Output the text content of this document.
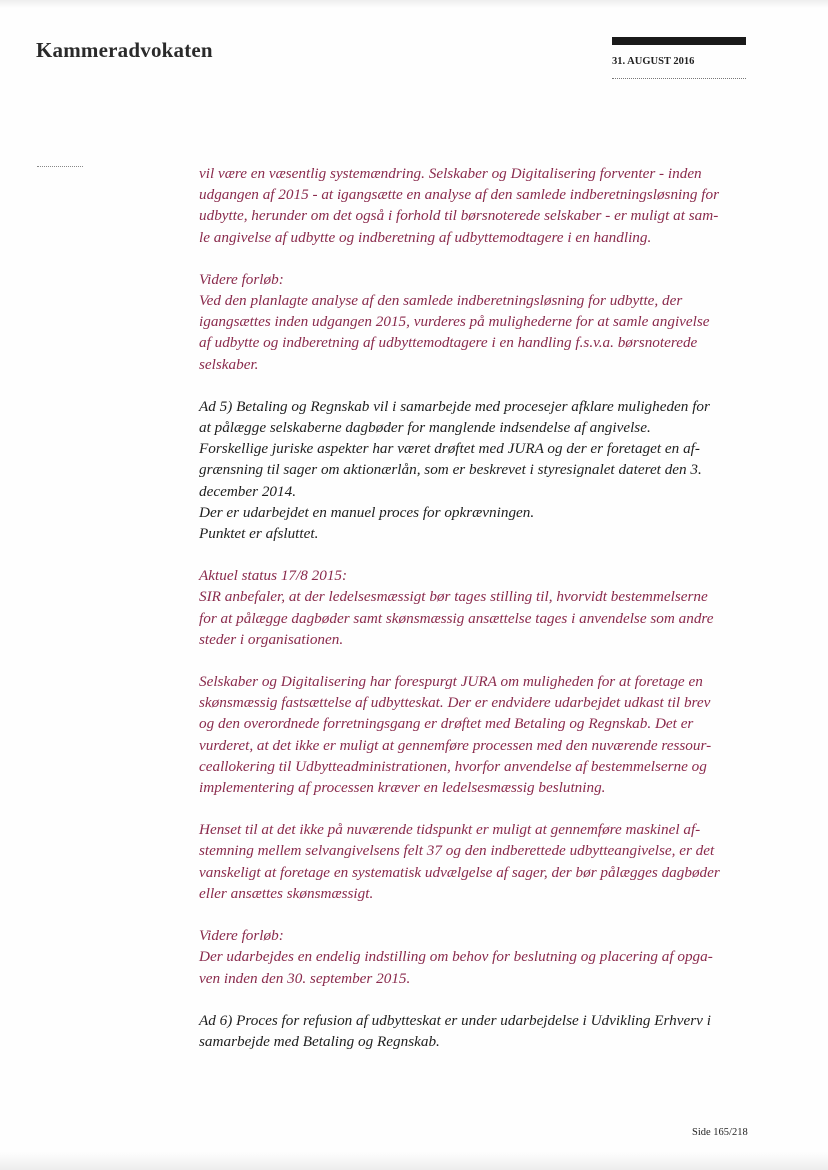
Kammeradvokaten	31. AUGUST 2016
vil være en væsentlig systemændring. Selskaber og Digitalisering forventer - inden
udgangen af 2015 - at igangsætte en analyse af den samlede indberetningsløsning for
udbytte, herunder om det også i forhold til børsnoterede selskaber - er muligt at sam-
le angivelse af udbytte og indberetning af udbyttemodtagere i en handling.
Videre forløb:
Ved den planlagte analyse af den samlede indberetningsløsning for udbytte, der
igangsættes inden udgangen 2015, vurderes på mulighederne for at samle angivelse
af udbytte og indberetning af udbyttemodtagere i en handling f.s.v.a. børsnoterede
selskaber.
Ad 5) Betaling og Regnskab vil i samarbejde med procesejer afklare muligheden for
at pålægge selskaberne dagbøder for manglende indsendelse af angivelse.
Forskellige juriske aspekter har været drøftet med JURA og der er foretaget en af-
grænsning til sager om aktionærlån, som er beskrevet i styresignalet dateret den 3.
december 2014.
Der er udarbejdet en manuel proces for opkrævningen.
Punktet er afsluttet.
Aktuel status 17/8 2015:
SIR anbefaler, at der ledelsesmæssigt bør tages stilling til, hvorvidt bestemmelserne
for at pålægge dagbøder samt skønsmæssig ansættelse tages i anvendelse som andre
steder i organisationen.
Selskaber og Digitalisering har forespurgt JURA om muligheden for at foretage en
skønsmæssig fastsættelse af udbytteskat. Der er endvidere udarbejdet udkast til brev
og den overordnede forretningsgang er drøftet med Betaling og Regnskab. Det er
vurderet, at det ikke er muligt at gennemføre processen med den nuværende ressour-
ceallokering til Udbytteadministrationen, hvorfor anvendelse af bestemmelserne og
implementering af processen kræver en ledelsesmæssig beslutning.
Henset til at det ikke på nuværende tidspunkt er muligt at gennemføre maskinel af-
stemning mellem selvangivelsens felt 37 og den indberettede udbytteangivelse, er det
vanskeligt at foretage en systematisk udvælgelse af sager, der bør pålægges dagbøder
eller ansættes skønsmæssigt.
Videre forløb:
Der udarbejdes en endelig indstilling om behov for beslutning og placering af opga-
ven inden den 30. september 2015.
Ad 6) Proces for refusion af udbytteskat er under udarbejdelse i Udvikling Erhverv i
samarbejde med Betaling og Regnskab.
Side 165/218
